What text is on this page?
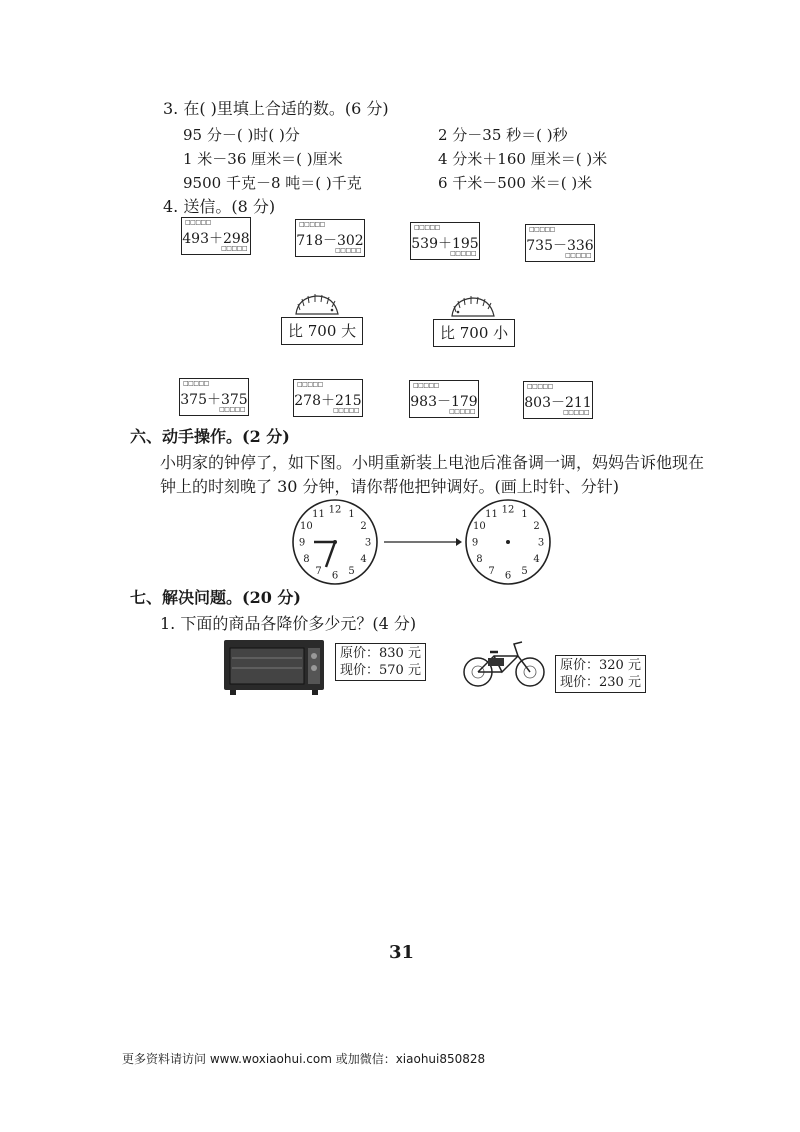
3. 在( )里填上合适的数。(6 分)
95 分－( )时( )分	2 分－35 秒＝( )秒
1 米－36 厘米＝( )厘米	4 分米＋160 厘米＝( )米
9500 千克－8 吨＝( )千克	6 千米－500 米＝( )米
4. 送信。(8 分)
□□□□□
493＋298
□□□□□
□□□□□
718－302
□□□□□
□□□□□
539＋195
□□□□□
□□□□□
735－336
□□□□□
比 700 大	比 700 小
□□□□□
375＋375
□□□□□
□□□□□
278＋215
□□□□□
□□□□□
983－179
□□□□□
□□□□□
803－211
□□□□□
六、动手操作。(2 分)
小明家的钟停了，如下图。小明重新装上电池后准备调一调，妈妈告诉他现在
钟上的时刻晚了 30 分钟，请你帮他把钟调好。(画上时针、分针)
12 1
2
3
4
5
6
7
8
9
10
11	12 1
2
3
4
5
6
7
8
9
10
11
七、解决问题。(20 分)
1. 下面的商品各降价多少元？(4 分)
原价：830 元
现价：570 元	原价：320 元
现价：230 元
31
更多资料请访问 www.woxiaohui.com 或加微信：xiaohui850828
